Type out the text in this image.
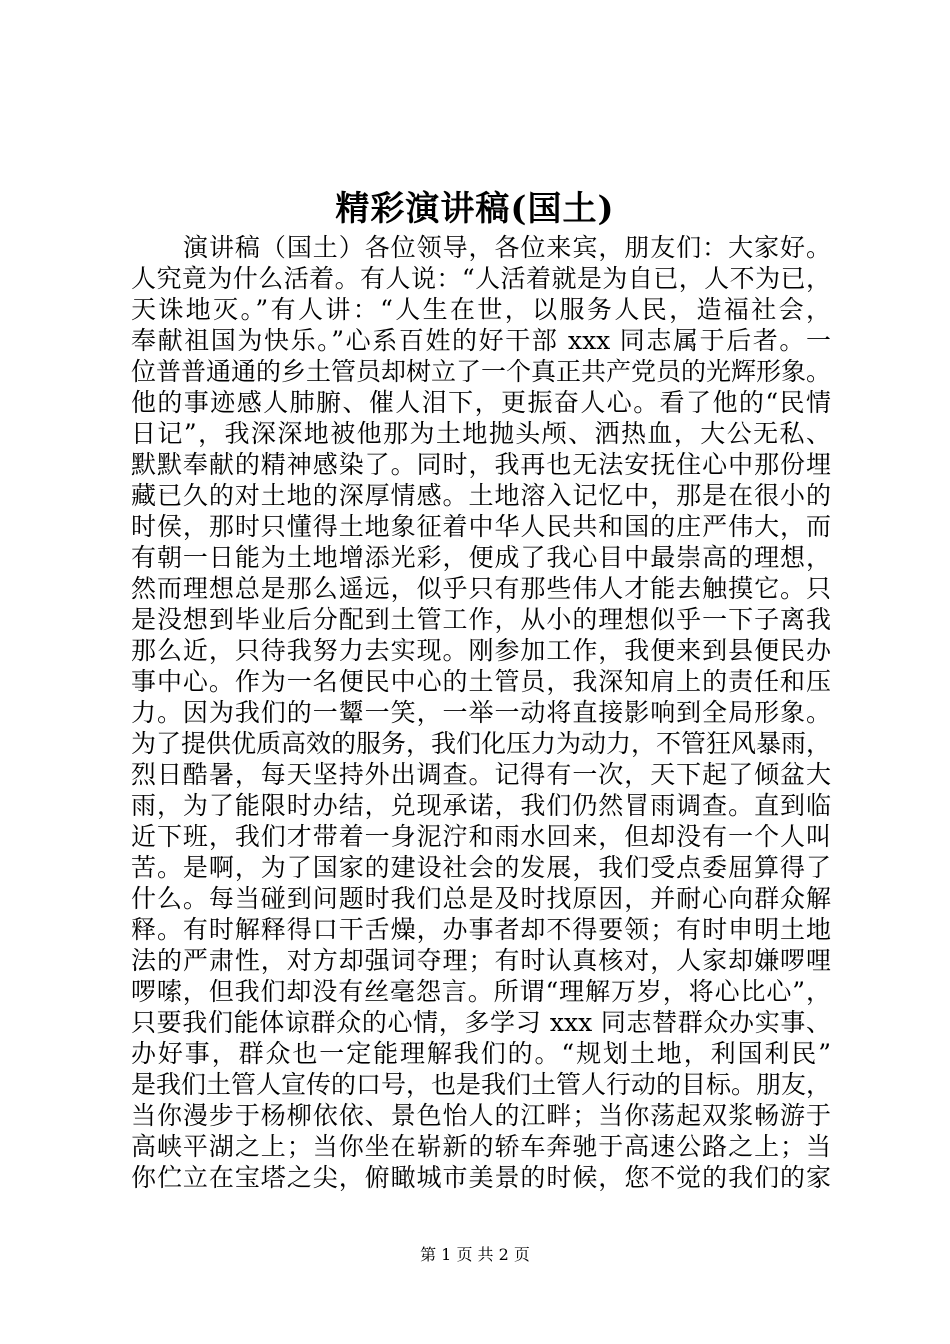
精彩演讲稿(国土)
演讲稿（国土）各位领导，各位来宾，朋友们：大家好。
人究竟为什么活着。有人说：“人活着就是为自已，人不为已，
天诛地灭。”有人讲：“人生在世，以服务人民，造福社会，
奉献祖国为快乐。”心系百姓的好干部 xxx 同志属于后者。一
位普普通通的乡土管员却树立了一个真正共产党员的光辉形象。
他的事迹感人肺腑、催人泪下，更振奋人心。看了他的“民情
日记”，我深深地被他那为土地抛头颅、洒热血，大公无私、
默默奉献的精神感染了。同时，我再也无法安抚住心中那份埋
藏已久的对土地的深厚情感。土地溶入记忆中，那是在很小的
时侯，那时只懂得土地象征着中华人民共和国的庄严伟大，而
有朝一日能为土地增添光彩，便成了我心目中最崇高的理想，
然而理想总是那么遥远，似乎只有那些伟人才能去触摸它。只
是没想到毕业后分配到土管工作，从小的理想似乎一下子离我
那么近，只待我努力去实现。刚参加工作，我便来到县便民办
事中心。作为一名便民中心的土管员，我深知肩上的责任和压
力。因为我们的一颦一笑，一举一动将直接影响到全局形象。
为了提供优质高效的服务，我们化压力为动力，不管狂风暴雨，
烈日酷暑，每天坚持外出调查。记得有一次，天下起了倾盆大
雨，为了能限时办结，兑现承诺，我们仍然冒雨调查。直到临
近下班，我们才带着一身泥泞和雨水回来，但却没有一个人叫
苦。是啊，为了国家的建设社会的发展，我们受点委屈算得了
什么。每当碰到问题时我们总是及时找原因，并耐心向群众解
释。有时解释得口干舌燥，办事者却不得要领；有时申明土地
法的严肃性，对方却强词夺理；有时认真核对，人家却嫌啰哩
啰嗦，但我们却没有丝毫怨言。所谓“理解万岁，将心比心”，
只要我们能体谅群众的心情，多学习 xxx 同志替群众办实事、
办好事，群众也一定能理解我们的。“规划土地，利国利民”
是我们土管人宣传的口号，也是我们土管人行动的目标。朋友，
当你漫步于杨柳依依、景色怡人的江畔；当你荡起双浆畅游于
高峡平湖之上；当你坐在崭新的轿车奔驰于高速公路之上；当
你伫立在宝塔之尖，俯瞰城市美景的时候，您不觉的我们的家
第 1 页 共 2 页
